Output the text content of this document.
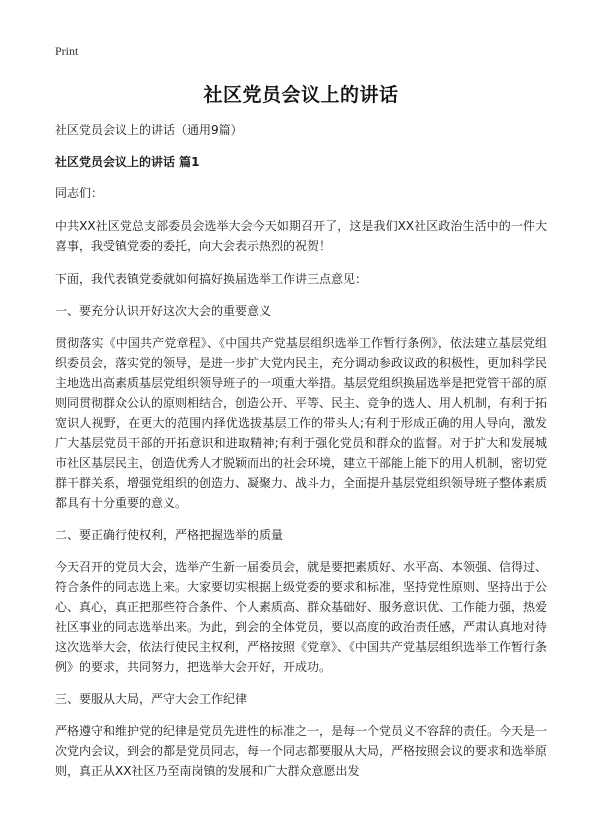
Print
社区党员会议上的讲话
社区党员会议上的讲话（通用9篇）
社区党员会议上的讲话 篇1

同志们：

中共XX社区党总支部委员会选举大会今天如期召开了，这是我们XX社区政治生活中的一件大喜事，我受镇党委的委托，向大会表示热烈的祝贺！

下面，我代表镇党委就如何搞好换届选举工作讲三点意见：

一、要充分认识开好这次大会的重要意义

贯彻落实《中国共产党章程》、《中国共产党基层组织选举工作暂行条例》，依法建立基层党组织委员会，落实党的领导，是进一步扩大党内民主，充分调动参政议政的积极性，更加科学民主地选出高素质基层党组织领导班子的一项重大举措。基层党组织换届选举是把党管干部的原则同贯彻群众公认的原则相结合，创造公开、平等、民主、竞争的选人、用人机制，有利于拓宽识人视野，在更大的范围内择优选拔基层工作的带头人;有利于形成正确的用人导向，激发广大基层党员干部的开拓意识和进取精神;有利于强化党员和群众的监督。对于扩大和发展城市社区基层民主，创造优秀人才脱颖而出的社会环境，建立干部能上能下的用人机制，密切党群干群关系，增强党组织的创造力、凝聚力、战斗力，全面提升基层党组织领导班子整体素质都具有十分重要的意义。

二、要正确行使权利，严格把握选举的质量

今天召开的党员大会，选举产生新一届委员会，就是要把素质好、水平高、本领强、信得过、符合条件的同志选上来。大家要切实根据上级党委的要求和标准，坚持党性原则、坚持出于公心、真心，真正把那些符合条件、个人素质高、群众基础好、服务意识优、工作能力强，热爱社区事业的同志选举出来。为此，到会的全体党员，要以高度的政治责任感，严肃认真地对待这次选举大会，依法行使民主权利，严格按照《党章》、《中国共产党基层组织选举工作暂行条例》的要求，共同努力，把选举大会开好，开成功。

三、要服从大局，严守大会工作纪律

严格遵守和维护党的纪律是党员先进性的标准之一，是每一个党员义不容辞的责任。今天是一次党内会议，到会的都是党员同志，每一个同志都要服从大局，严格按照会议的要求和选举原则，真正从XX社区乃至南岗镇的发展和广大群众意愿出发
